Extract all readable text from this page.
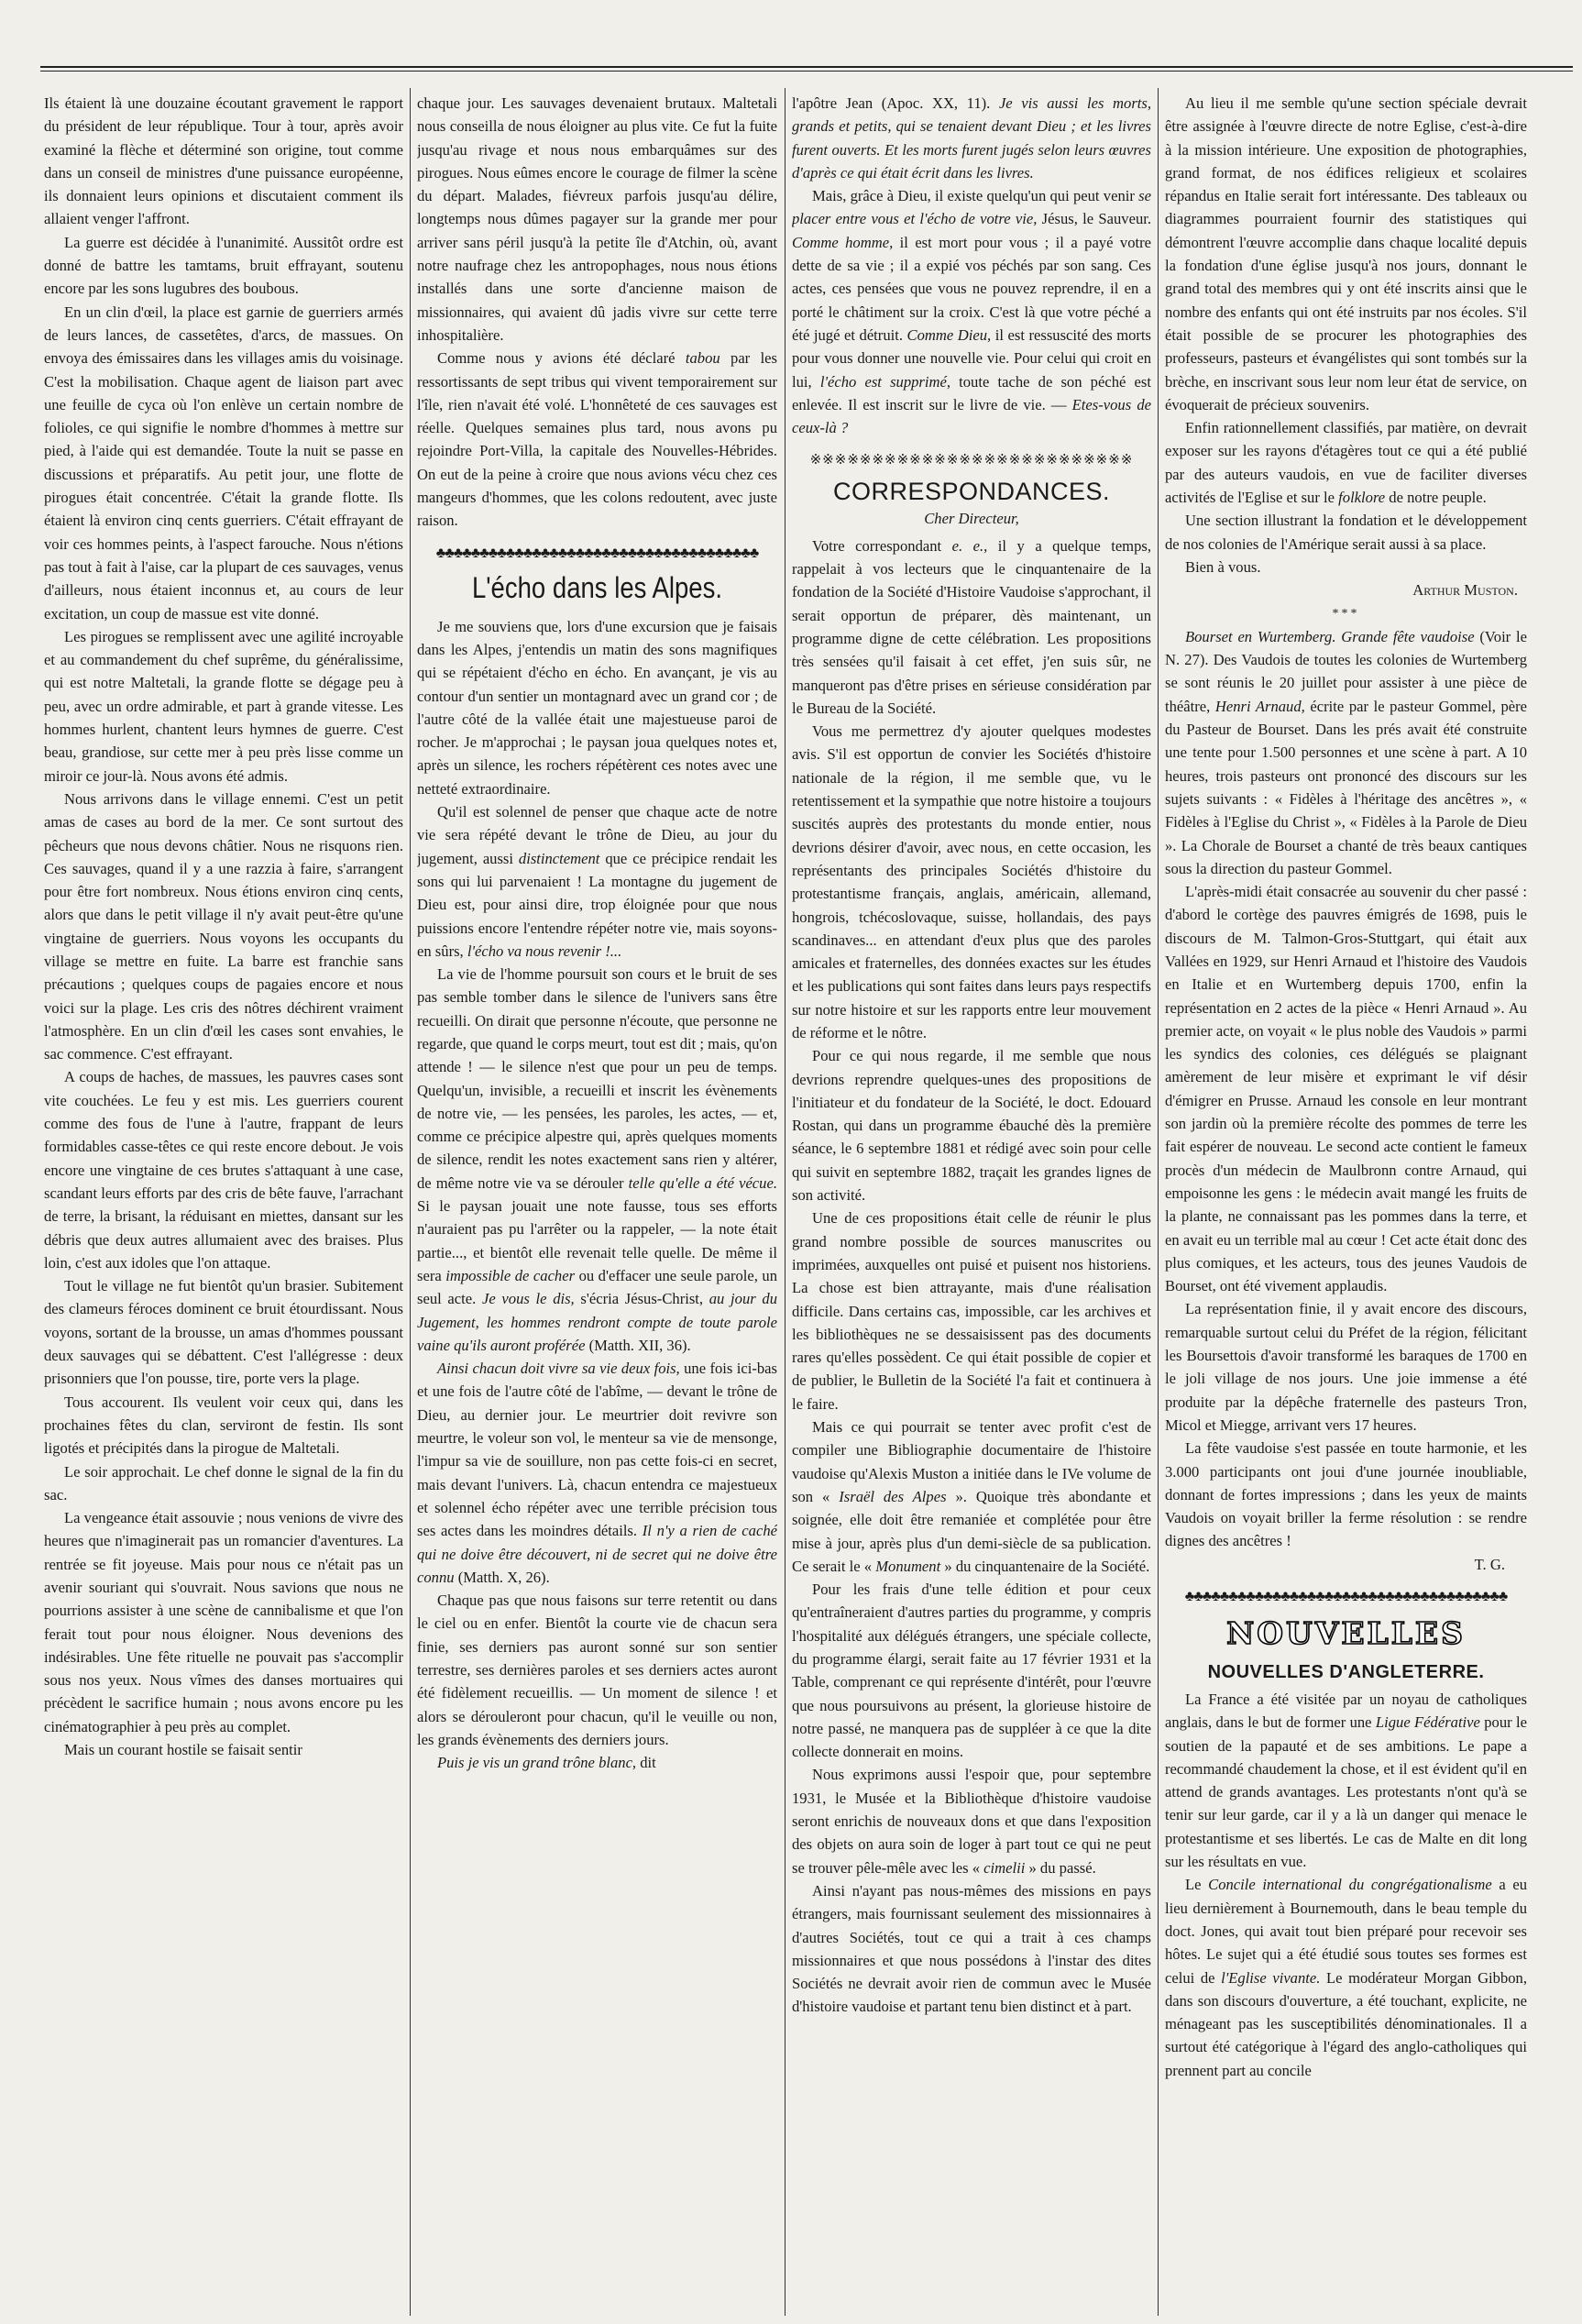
Ils étaient là une douzaine écoutant gravement le rapport du président de leur république. Tour à tour, après avoir examiné la flèche et déterminé son origine, tout comme dans un conseil de ministres d'une puissance européenne, ils donnaient leurs opinions et discutaient comment ils allaient venger l'affront.

La guerre est décidée à l'unanimité. Aussitôt ordre est donné de battre les tamtams, bruit effrayant, soutenu encore par les sons lugubres des boubous.

En un clin d'œil, la place est garnie de guerriers armés de leurs lances, de cassetêtes, d'arcs, de massues. On envoya des émissaires dans les villages amis du voisinage. C'est la mobilisation. Chaque agent de liaison part avec une feuille de cyca où l'on enlève un certain nombre de folioles, ce qui signifie le nombre d'hommes à mettre sur pied, à l'aide qui est demandée. Toute la nuit se passe en discussions et préparatifs. Au petit jour, une flotte de pirogues était concentrée. C'était la grande flotte. Ils étaient là environ cinq cents guerriers. C'était effrayant de voir ces hommes peints, à l'aspect farouche. Nous n'étions pas tout à fait à l'aise, car la plupart de ces sauvages, venus d'ailleurs, nous étaient inconnus et, au cours de leur excitation, un coup de massue est vite donné.

Les pirogues se remplissent avec une agilité incroyable et au commandement du chef suprême, du généralissime, qui est notre Maltetali, la grande flotte se dégage peu à peu, avec un ordre admirable, et part à grande vitesse. Les hommes hurlent, chantent leurs hymnes de guerre. C'est beau, grandiose, sur cette mer à peu près lisse comme un miroir ce jour-là. Nous avons été admis.

Nous arrivons dans le village ennemi. C'est un petit amas de cases au bord de la mer. Ce sont surtout des pêcheurs que nous devons châtier. Nous ne risquons rien. Ces sauvages, quand il y a une razzia à faire, s'arrangent pour être fort nombreux. Nous étions environ cinq cents, alors que dans le petit village il n'y avait peut-être qu'une vingtaine de guerriers. Nous voyons les occupants du village se mettre en fuite. La barre est franchie sans précautions ; quelques coups de pagaies encore et nous voici sur la plage. Les cris des nôtres déchirent vraiment l'atmosphère. En un clin d'œil les cases sont envahies, le sac commence. C'est effrayant.

A coups de haches, de massues, les pauvres cases sont vite couchées. Le feu y est mis. Les guerriers courent comme des fous de l'une à l'autre, frappant de leurs formidables casse-têtes ce qui reste encore debout. Je vois encore une vingtaine de ces brutes s'attaquant à une case, scandant leurs efforts par des cris de bête fauve, l'arrachant de terre, la brisant, la réduisant en miettes, dansant sur les débris que deux autres allumaient avec des braises. Plus loin, c'est aux idoles que l'on attaque.

Tout le village ne fut bientôt qu'un brasier. Subitement des clameurs féroces dominent ce bruit étourdissant. Nous voyons, sortant de la brousse, un amas d'hommes poussant deux sauvages qui se débattent. C'est l'allégresse : deux prisonniers que l'on pousse, tire, porte vers la plage.

Tous accourent. Ils veulent voir ceux qui, dans les prochaines fêtes du clan, serviront de festin. Ils sont ligotés et précipités dans la pirogue de Maltetali.

Le soir approchait. Le chef donne le signal de la fin du sac.

La vengeance était assouvie ; nous venions de vivre des heures que n'imaginerait pas un romancier d'aventures. La rentrée se fit joyeuse. Mais pour nous ce n'était pas un avenir souriant qui s'ouvrait. Nous savions que nous ne pourrions assister à une scène de cannibalisme et que l'on ferait tout pour nous éloigner. Nous devenions des indésirables. Une fête rituelle ne pouvait pas s'accomplir sous nos yeux. Nous vîmes des danses mortuaires qui précèdent le sacrifice humain ; nous avons encore pu les cinématographier à peu près au complet.

Mais un courant hostile se faisait sentir

chaque jour. Les sauvages devenaient brutaux. Maltetali nous conseilla de nous éloigner au plus vite. Ce fut la fuite jusqu'au rivage et nous nous embarquâmes sur des pirogues. Nous eûmes encore le courage de filmer la scène du départ. Malades, fiévreux parfois jusqu'au délire, longtemps nous dûmes pagayer sur la grande mer pour arriver sans péril jusqu'à la petite île d'Atchin, où, avant notre naufrage chez les antropophages, nous nous étions installés dans une sorte d'ancienne maison de missionnaires, qui avaient dû jadis vivre sur cette terre inhospitalière.

Comme nous y avions été déclaré tabou par les ressortissants de sept tribus qui vivent temporairement sur l'île, rien n'avait été volé. L'honnêteté de ces sauvages est réelle. Quelques semaines plus tard, nous avons pu rejoindre Port-Villa, la capitale des Nouvelles-Hébrides. On eut de la peine à croire que nous avions vécu chez ces mangeurs d'hommes, que les colons redoutent, avec juste raison.

♣♣♣♣♣♣♣♣♣♣♣♣♣♣♣♣♣♣♣♣♣♣♣♣♣♣♣♣♣♣♣♣♣♣♣♣♣
L'écho dans les Alpes.

Je me souviens que, lors d'une excursion que je faisais dans les Alpes, j'entendis un matin des sons magnifiques qui se répétaient d'écho en écho. En avançant, je vis au contour d'un sentier un montagnard avec un grand cor ; de l'autre côté de la vallée était une majestueuse paroi de rocher. Je m'approchai ; le paysan joua quelques notes et, après un silence, les rochers répétèrent ces notes avec une netteté extraordinaire.

Qu'il est solennel de penser que chaque acte de notre vie sera répété devant le trône de Dieu, au jour du jugement, aussi distinctement que ce précipice rendait les sons qui lui parvenaient ! La montagne du jugement de Dieu est, pour ainsi dire, trop éloignée pour que nous puissions encore l'entendre répéter notre vie, mais soyons-en sûrs, l'écho va nous revenir !...

La vie de l'homme poursuit son cours et le bruit de ses pas semble tomber dans le silence de l'univers sans être recueilli. On dirait que personne n'écoute, que personne ne regarde, que quand le corps meurt, tout est dit ; mais, qu'on attende ! — le silence n'est que pour un peu de temps. Quelqu'un, invisible, a recueilli et inscrit les évènements de notre vie, — les pensées, les paroles, les actes, — et, comme ce précipice alpestre qui, après quelques moments de silence, rendit les notes exactement sans rien y altérer, de même notre vie va se dérouler telle qu'elle a été vécue. Si le paysan jouait une note fausse, tous ses efforts n'auraient pas pu l'arrêter ou la rappeler, — la note était partie..., et bientôt elle revenait telle quelle. De même il sera impossible de cacher ou d'effacer une seule parole, un seul acte. Je vous le dis, s'écria Jésus-Christ, au jour du Jugement, les hommes rendront compte de toute parole vaine qu'ils auront proférée (Matth. XII, 36).

Ainsi chacun doit vivre sa vie deux fois, une fois ici-bas et une fois de l'autre côté de l'abîme, — devant le trône de Dieu, au dernier jour. Le meurtrier doit revivre son meurtre, le voleur son vol, le menteur sa vie de mensonge, l'impur sa vie de souillure, non pas cette fois-ci en secret, mais devant l'univers. Là, chacun entendra ce majestueux et solennel écho répéter avec une terrible précision tous ses actes dans les moindres détails. Il n'y a rien de caché qui ne doive être découvert, ni de secret qui ne doive être connu (Matth. X, 26).

Chaque pas que nous faisons sur terre retentit ou dans le ciel ou en enfer. Bientôt la courte vie de chacun sera finie, ses derniers pas auront sonné sur son sentier terrestre, ses dernières paroles et ses derniers actes auront été fidèlement recueillis. — Un moment de silence ! et alors se dérouleront pour chacun, qu'il le veuille ou non, les grands évènements des derniers jours.

Puis je vis un grand trône blanc, dit

l'apôtre Jean (Apoc. XX, 11). Je vis aussi les morts, grands et petits, qui se tenaient devant Dieu ; et les livres furent ouverts. Et les morts furent jugés selon leurs œuvres d'après ce qui était écrit dans les livres.

Mais, grâce à Dieu, il existe quelqu'un qui peut venir se placer entre vous et l'écho de votre vie, Jésus, le Sauveur. Comme homme, il est mort pour vous ; il a payé votre dette de sa vie ; il a expié vos péchés par son sang. Ces actes, ces pensées que vous ne pouvez reprendre, il en a porté le châtiment sur la croix. C'est là que votre péché a été jugé et détruit. Comme Dieu, il est ressuscité des morts pour vous donner une nouvelle vie. Pour celui qui croit en lui, l'écho est supprimé, toute tache de son péché est enlevée. Il est inscrit sur le livre de vie. — Etes-vous de ceux-là ?

※※※※※※※※※※※※※※※※※※※※※※※※※※
CORRESPONDANCES.

Cher Directeur,

Votre correspondant e. e., il y a quelque temps, rappelait à vos lecteurs que le cinquantenaire de la fondation de la Société d'Histoire Vaudoise s'approchant, il serait opportun de préparer, dès maintenant, un programme digne de cette célébration. Les propositions très sensées qu'il faisait à cet effet, j'en suis sûr, ne manqueront pas d'être prises en sérieuse considération par le Bureau de la Société.

Vous me permettrez d'y ajouter quelques modestes avis. S'il est opportun de convier les Sociétés d'histoire nationale de la région, il me semble que, vu le retentissement et la sympathie que notre histoire a toujours suscités auprès des protestants du monde entier, nous devrions désirer d'avoir, avec nous, en cette occasion, les représentants des principales Sociétés d'histoire du protestantisme français, anglais, américain, allemand, hongrois, tchécoslovaque, suisse, hollandais, des pays scandinaves... en attendant d'eux plus que des paroles amicales et fraternelles, des données exactes sur les études et les publications qui sont faites dans leurs pays respectifs sur notre histoire et sur les rapports entre leur mouvement de réforme et le nôtre.

Pour ce qui nous regarde, il me semble que nous devrions reprendre quelques-unes des propositions de l'initiateur et du fondateur de la Société, le doct. Edouard Rostan, qui dans un programme ébauché dès la première séance, le 6 septembre 1881 et rédigé avec soin pour celle qui suivit en septembre 1882, traçait les grandes lignes de son activité.

Une de ces propositions était celle de réunir le plus grand nombre possible de sources manuscrites ou imprimées, auxquelles ont puisé et puisent nos historiens. La chose est bien attrayante, mais d'une réalisation difficile. Dans certains cas, impossible, car les archives et les bibliothèques ne se dessaisissent pas des documents rares qu'elles possèdent. Ce qui était possible de copier et de publier, le Bulletin de la Société l'a fait et continuera à le faire.

Mais ce qui pourrait se tenter avec profit c'est de compiler une Bibliographie documentaire de l'histoire vaudoise qu'Alexis Muston a initiée dans le IVe volume de son « Israël des Alpes ». Quoique très abondante et soignée, elle doit être remaniée et complétée pour être mise à jour, après plus d'un demi-siècle de sa publication. Ce serait le « Monument » du cinquantenaire de la Société.

Pour les frais d'une telle édition et pour ceux qu'entraîneraient d'autres parties du programme, y compris l'hospitalité aux délégués étrangers, une spéciale collecte, du programme élargi, serait faite au 17 février 1931 et la Table, comprenant ce qui représente d'intérêt, pour l'œuvre que nous poursuivons au présent, la glorieuse histoire de notre passé, ne manquera pas de suppléer à ce que la dite collecte donnerait en moins.

Nous exprimons aussi l'espoir que, pour septembre 1931, le Musée et la Bibliothèque d'histoire vaudoise seront enrichis de nouveaux dons et que dans l'exposition des objets on aura soin de loger à part tout ce qui ne peut se trouver pêle-mêle avec les « cimelii » du passé.

Ainsi n'ayant pas nous-mêmes des missions en pays étrangers, mais fournissant seulement des missionnaires à d'autres Sociétés, tout ce qui a trait à ces champs missionnaires et que nous possédons à l'instar des dites Sociétés ne devrait avoir rien de commun avec le Musée d'histoire vaudoise et partant tenu bien distinct et à part.

Au lieu il me semble qu'une section spéciale devrait être assignée à l'œuvre directe de notre Eglise, c'est-à-dire à la mission intérieure. Une exposition de photographies, grand format, de nos édifices religieux et scolaires répandus en Italie serait fort intéressante. Des tableaux ou diagrammes pourraient fournir des statistiques qui démontrent l'œuvre accomplie dans chaque localité depuis la fondation d'une église jusqu'à nos jours, donnant le grand total des membres qui y ont été inscrits ainsi que le nombre des enfants qui ont été instruits par nos écoles. S'il était possible de se procurer les photographies des professeurs, pasteurs et évangélistes qui sont tombés sur la brèche, en inscrivant sous leur nom leur état de service, on évoquerait de précieux souvenirs.

Enfin rationnellement classifiés, par matière, on devrait exposer sur les rayons d'étagères tout ce qui a été publié par des auteurs vaudois, en vue de faciliter diverses activités de l'Eglise et sur le folklore de notre peuple.

Une section illustrant la fondation et le développement de nos colonies de l'Amérique serait aussi à sa place.

Bien à vous.

Arthur Muston.

***

Bourset en Wurtemberg. Grande fête vaudoise (Voir le N. 27). Des Vaudois de toutes les colonies de Wurtemberg se sont réunis le 20 juillet pour assister à une pièce de théâtre, Henri Arnaud, écrite par le pasteur Gommel, père du Pasteur de Bourset. Dans les prés avait été construite une tente pour 1.500 personnes et une scène à part. A 10 heures, trois pasteurs ont prononcé des discours sur les sujets suivants : « Fidèles à l'héritage des ancêtres », « Fidèles à l'Eglise du Christ », « Fidèles à la Parole de Dieu ». La Chorale de Bourset a chanté de très beaux cantiques sous la direction du pasteur Gommel.

L'après-midi était consacrée au souvenir du cher passé : d'abord le cortège des pauvres émigrés de 1698, puis le discours de M. Talmon-Gros-Stuttgart, qui était aux Vallées en 1929, sur Henri Arnaud et l'histoire des Vaudois en Italie et en Wurtemberg depuis 1700, enfin la représentation en 2 actes de la pièce « Henri Arnaud ». Au premier acte, on voyait « le plus noble des Vaudois » parmi les syndics des colonies, ces délégués se plaignant amèrement de leur misère et exprimant le vif désir d'émigrer en Prusse. Arnaud les console en leur montrant son jardin où la première récolte des pommes de terre les fait espérer de nouveau. Le second acte contient le fameux procès d'un médecin de Maulbronn contre Arnaud, qui empoisonne les gens : le médecin avait mangé les fruits de la plante, ne connaissant pas les pommes dans la terre, et en avait eu un terrible mal au cœur ! Cet acte était donc des plus comiques, et les acteurs, tous des jeunes Vaudois de Bourset, ont été vivement applaudis.

La représentation finie, il y avait encore des discours, remarquable surtout celui du Préfet de la région, félicitant les Boursettois d'avoir transformé les baraques de 1700 en le joli village de nos jours. Une joie immense a été produite par la dépêche fraternelle des pasteurs Tron, Micol et Miegge, arrivant vers 17 heures.

La fête vaudoise s'est passée en toute harmonie, et les 3.000 participants ont joui d'une journée inoubliable, donnant de fortes impressions ; dans les yeux de maints Vaudois on voyait briller la ferme résolution : se rendre dignes des ancêtres !

T. G.

♣♣♣♣♣♣♣♣♣♣♣♣♣♣♣♣♣♣♣♣♣♣♣♣♣♣♣♣♣♣♣♣♣♣♣♣♣
NOUVELLES
NOUVELLES D'ANGLETERRE.

La France a été visitée par un noyau de catholiques anglais, dans le but de former une Ligue Fédérative pour le soutien de la papauté et de ses ambitions. Le pape a recommandé chaudement la chose, et il est évident qu'il en attend de grands avantages. Les protestants n'ont qu'à se tenir sur leur garde, car il y a là un danger qui menace le protestantisme et ses libertés. Le cas de Malte en dit long sur les résultats en vue.

Le Concile international du congrégationalisme a eu lieu dernièrement à Bournemouth, dans le beau temple du doct. Jones, qui avait tout bien préparé pour recevoir ses hôtes. Le sujet qui a été étudié sous toutes ses formes est celui de l'Eglise vivante. Le modérateur Morgan Gibbon, dans son discours d'ouverture, a été touchant, explicite, ne ménageant pas les susceptibilités dénominationales. Il a surtout été catégorique à l'égard des anglo-catholiques qui prennent part au concile
